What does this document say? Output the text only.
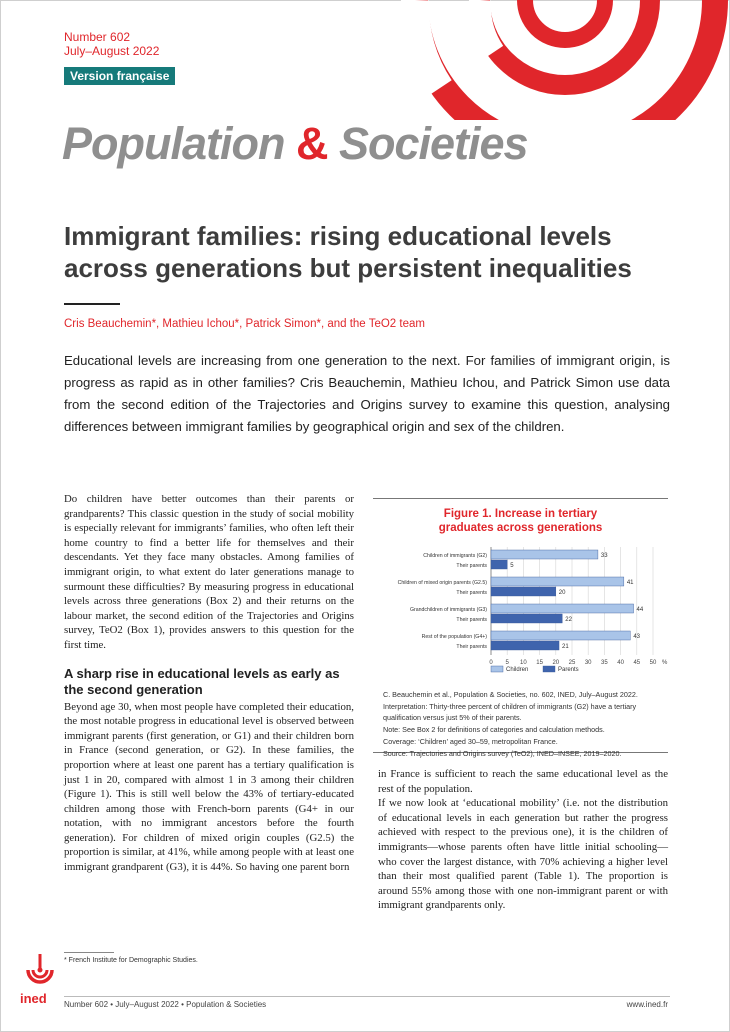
Number 602
July–August 2022
Version française
Population & Societies
Immigrant families: rising educational levels across generations but persistent inequalities
Cris Beauchemin*, Mathieu Ichou*, Patrick Simon*, and the TeO2 team

Educational levels are increasing from one generation to the next. For families of immigrant origin, is progress as rapid as in other families? Cris Beauchemin, Mathieu Ichou, and Patrick Simon use data from the second edition of the Trajectories and Origins survey to examine this question, analysing differences between immigrant families by geographical origin and sex of the children.

Do children have better outcomes than their parents or grandparents? This classic question in the study of social mobility is especially relevant for immigrants’ families, who often left their home country to find a better life for themselves and their descendants. Yet they face many obstacles. Among families of immigrant origin, to what extent do later generations manage to surmount these difficulties? By measuring progress in educational levels across three generations (Box 2) and their returns on the labour market, the second edition of the Trajectories and Origins survey, TeO2 (Box 1), provides answers to this question for the first time.

A sharp rise in educational levels as early as the second generation

Beyond age 30, when most people have completed their education, the most notable progress in educational level is observed between immigrant parents (first generation, or G1) and their children born in France (second generation, or G2). In these families, the proportion where at least one parent has a tertiary qualification is just 1 in 20, compared with almost 1 in 3 among their children (Figure 1). This is still well below the 43% of tertiary-educated children among those with French-born parents (G4+ in our notation, with no immigrant ancestors before the fourth generation). For children of mixed origin couples (G2.5) the proportion is similar, at 41%, while among people with at least one immigrant grandparent (G3), it is 44%. So having one parent born

Figure 1. Increase in tertiary
graduates across generations
0 5 10 15 20 25 30 35 40 45 50 %
33
Children of immigrants (G2)
5
Their parents
41
Children of mixed origin parents (G2.5)
20
Their parents
44
Grandchildren of immigrants (G3)
22
Their parents
43
Rest of the population (G4+)
21
Their parents
Children	Parents
C. Beauchemin et al., Population & Societies, no. 602, INED, July–August 2022.
Interpretation: Thirty-three percent of children of immigrants (G2) have a tertiary qualification versus just 5% of their parents.
Note: See Box 2 for definitions of categories and calculation methods.
Coverage: ‘Children’ aged 30–59, metropolitan France.
Source: Trajectories and Origins survey (TeO2), INED–INSEE, 2019–2020.

in France is sufficient to reach the same educational level as the rest of the population.

If we now look at ‘educational mobility’ (i.e. not the distribution of educational levels in each generation but rather the progress achieved with respect to the previous one), it is the children of immigrants—whose parents often have little initial schooling—who cover the largest distance, with 70% achieving a higher level than their most qualified parent (Table 1). The proportion is around 55% among those with one non-immigrant parent or with immigrant grandparents only.

* French Institute for Demographic Studies.
ined Number 602 • July–August 2022 • Population & Societies	www.ined.fr
